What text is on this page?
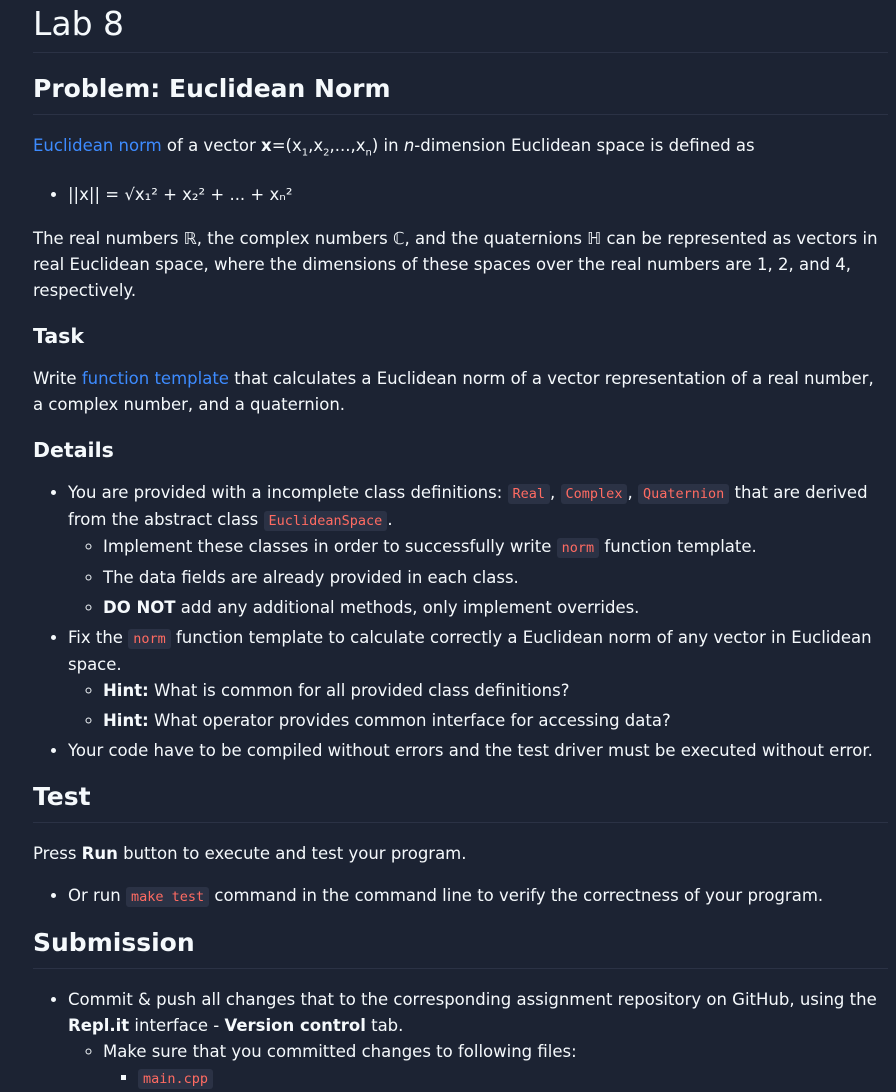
Lab 8
Problem: Euclidean Norm

Euclidean norm of a vector $x=(x_1,x_2,...,x_n)$ in n-dimension Euclidean space is defined as

• ||x|| = √x₁² + x₂² + ... + xₙ²

The real numbers ℝ, the complex numbers ℂ, and the quaternions ℍ can be represented as vectors in real Euclidean space, where the dimensions of these spaces over the real numbers are 1, 2, and 4, respectively.

Task

Write function template that calculates a Euclidean norm of a vector representation of a real number, a complex number, and a quaternion.

Details
• You are provided with a incomplete class definitions: Real , Complex , Quaternion that are derived from the abstract class EuclideanSpace .
◦ Implement these classes in order to successfully write norm function template.
◦ The data fields are already provided in each class.
◦ DO NOT add any additional methods, only implement overrides.
• Fix the norm function template to calculate correctly a Euclidean norm of any vector in Euclidean space.
◦ Hint: What is common for all provided class definitions?
◦ Hint: What operator provides common interface for accessing data?
• Your code have to be compiled without errors and the test driver must be executed without error.
Test

Press Run button to execute and test your program.

• Or run make test command in the command line to verify the correctness of your program.
Submission
• Commit & push all changes that to the corresponding assignment repository on GitHub, using the Repl.it interface - Version control tab.
◦ Make sure that you committed changes to following files:
▪ main.cpp
